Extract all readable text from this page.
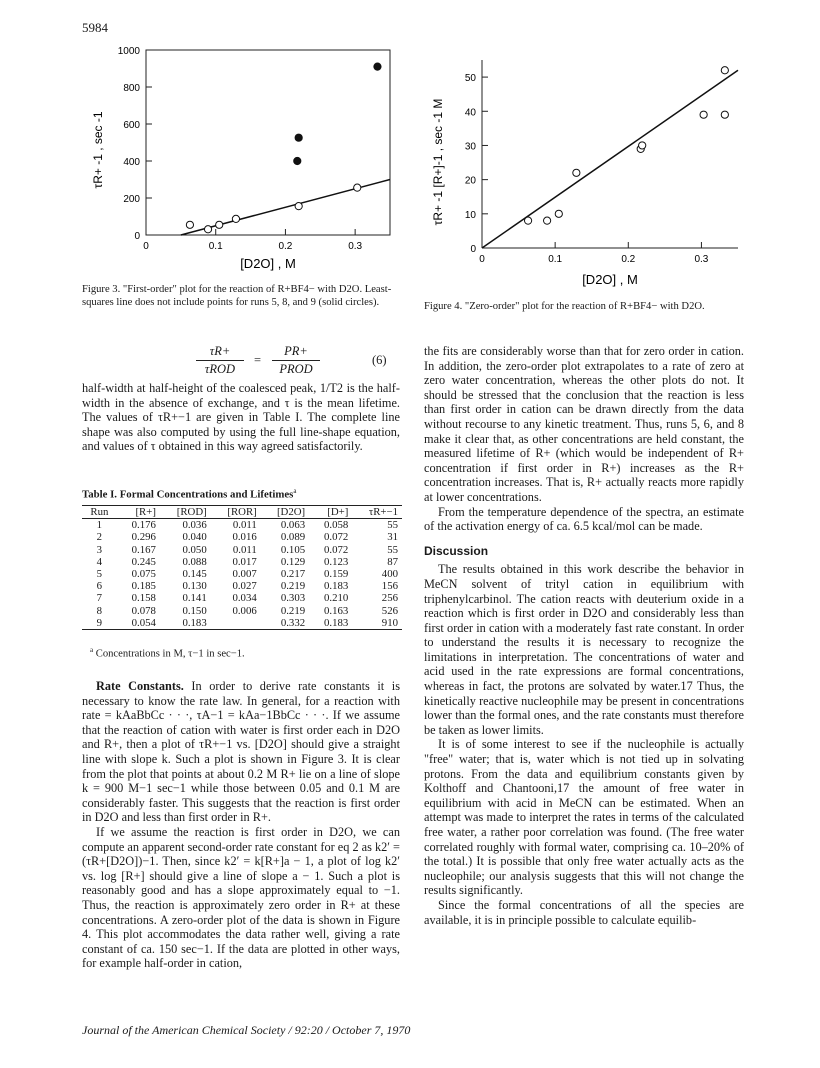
5984
τR+ -1 , sec -1
0	0.1	0.2	0.3
0
200
400
600
800
1000
[D2O] , M
Figure 3. "First-order" plot for the reaction of R+BF4− with D2O. Least-squares line does not include points for runs 5, 8, and 9 (solid circles).
τR+ -1 [R+]-1 , sec -1 M
0	0.1	0.2	0.3
0
10
20
30
40
50
[D2O] , M
Figure 4. "Zero-order" plot for the reaction of R+BF4− with D2O.
τR+
τROD
=
PR+
PROD
(6)
half-width at half-height of the coalesced peak, 1/T2 is the half-width in the absence of exchange, and τ is the mean lifetime. The values of τR+−1 are given in Table I. The complete line shape was also computed by using the full line-shape equation, and values of τ obtained in this way agreed satisfactorily.
Table I. Formal Concentrations and Lifetimes$^a$
Run	[R+]	[ROD]	[ROR]	[D2O]	[D+]	τR+−1
1	0.176	0.036	0.011	0.063	0.058	55
2	0.296	0.040	0.016	0.089	0.072	31
3	0.167	0.050	0.011	0.105	0.072	55
4	0.245	0.088	0.017	0.129	0.123	87
5	0.075	0.145	0.007	0.217	0.159	400
6	0.185	0.130	0.027	0.219	0.183	156
7	0.158	0.141	0.034	0.303	0.210	256
8	0.078	0.150	0.006	0.219	0.163	526
9	0.054	0.183		0.332	0.183	910
$^a$ Concentrations in M, τ−1 in sec−1.

Rate Constants. In order to derive rate constants it is necessary to know the rate law. In general, for a reaction with rate = kAaBbCc · · ·, τA−1 = kAa−1BbCc · · ·. If we assume that the reaction of cation with water is first order each in D2O and R+, then a plot of τR+−1 vs. [D2O] should give a straight line with slope k. Such a plot is shown in Figure 3. It is clear from the plot that points at about 0.2 M R+ lie on a line of slope k = 900 M−1 sec−1 while those between 0.05 and 0.1 M are considerably faster. This suggests that the reaction is first order in D2O and less than first order in R+.

If we assume the reaction is first order in D2O, we can compute an apparent second-order rate constant for eq 2 as k2′ = (τR+[D2O])−1. Then, since k2′ = k[R+]a − 1, a plot of log k2′ vs. log [R+] should give a line of slope a − 1. Such a plot is reasonably good and has a slope approximately equal to −1. Thus, the reaction is approximately zero order in R+ at these concentrations. A zero-order plot of the data is shown in Figure 4. This plot accommodates the data rather well, giving a rate constant of ca. 150 sec−1. If the data are plotted in other ways, for example half-order in cation,

the fits are considerably worse than that for zero order in cation. In addition, the zero-order plot extrapolates to a rate of zero at zero water concentration, whereas the other plots do not. It should be stressed that the conclusion that the reaction is less than first order in cation can be drawn directly from the data without recourse to any kinetic treatment. Thus, runs 5, 6, and 8 make it clear that, as other concentrations are held constant, the measured lifetime of R+ (which would be independent of R+ concentration if first order in R+) increases as the R+ concentration increases. That is, R+ actually reacts more rapidly at lower concentrations.

From the temperature dependence of the spectra, an estimate of the activation energy of ca. 6.5 kcal/mol can be made.

Discussion

The results obtained in this work describe the behavior in MeCN solvent of trityl cation in equilibrium with triphenylcarbinol. The cation reacts with deuterium oxide in a reaction which is first order in D2O and considerably less than first order in cation with a moderately fast rate constant. In order to understand the results it is necessary to recognize the limitations in interpretation. The concentrations of water and acid used in the rate expressions are formal concentrations, whereas in fact, the protons are solvated by water.17 Thus, the kinetically reactive nucleophile may be present in concentrations lower than the formal ones, and the rate constants must therefore be taken as lower limits.

It is of some interest to see if the nucleophile is actually "free" water; that is, water which is not tied up in solvating protons. From the data and equilibrium constants given by Kolthoff and Chantooni,17 the amount of free water in equilibrium with acid in MeCN can be estimated. When an attempt was made to interpret the rates in terms of the calculated free water, a rather poor correlation was found. (The free water correlated roughly with formal water, comprising ca. 10–20% of the total.) It is possible that only free water actually acts as the nucleophile; our analysis suggests that this will not change the results significantly.

Since the formal concentrations of all the species are available, it is in principle possible to calculate equilib-

Journal of the American Chemical Society / 92:20 / October 7, 1970
